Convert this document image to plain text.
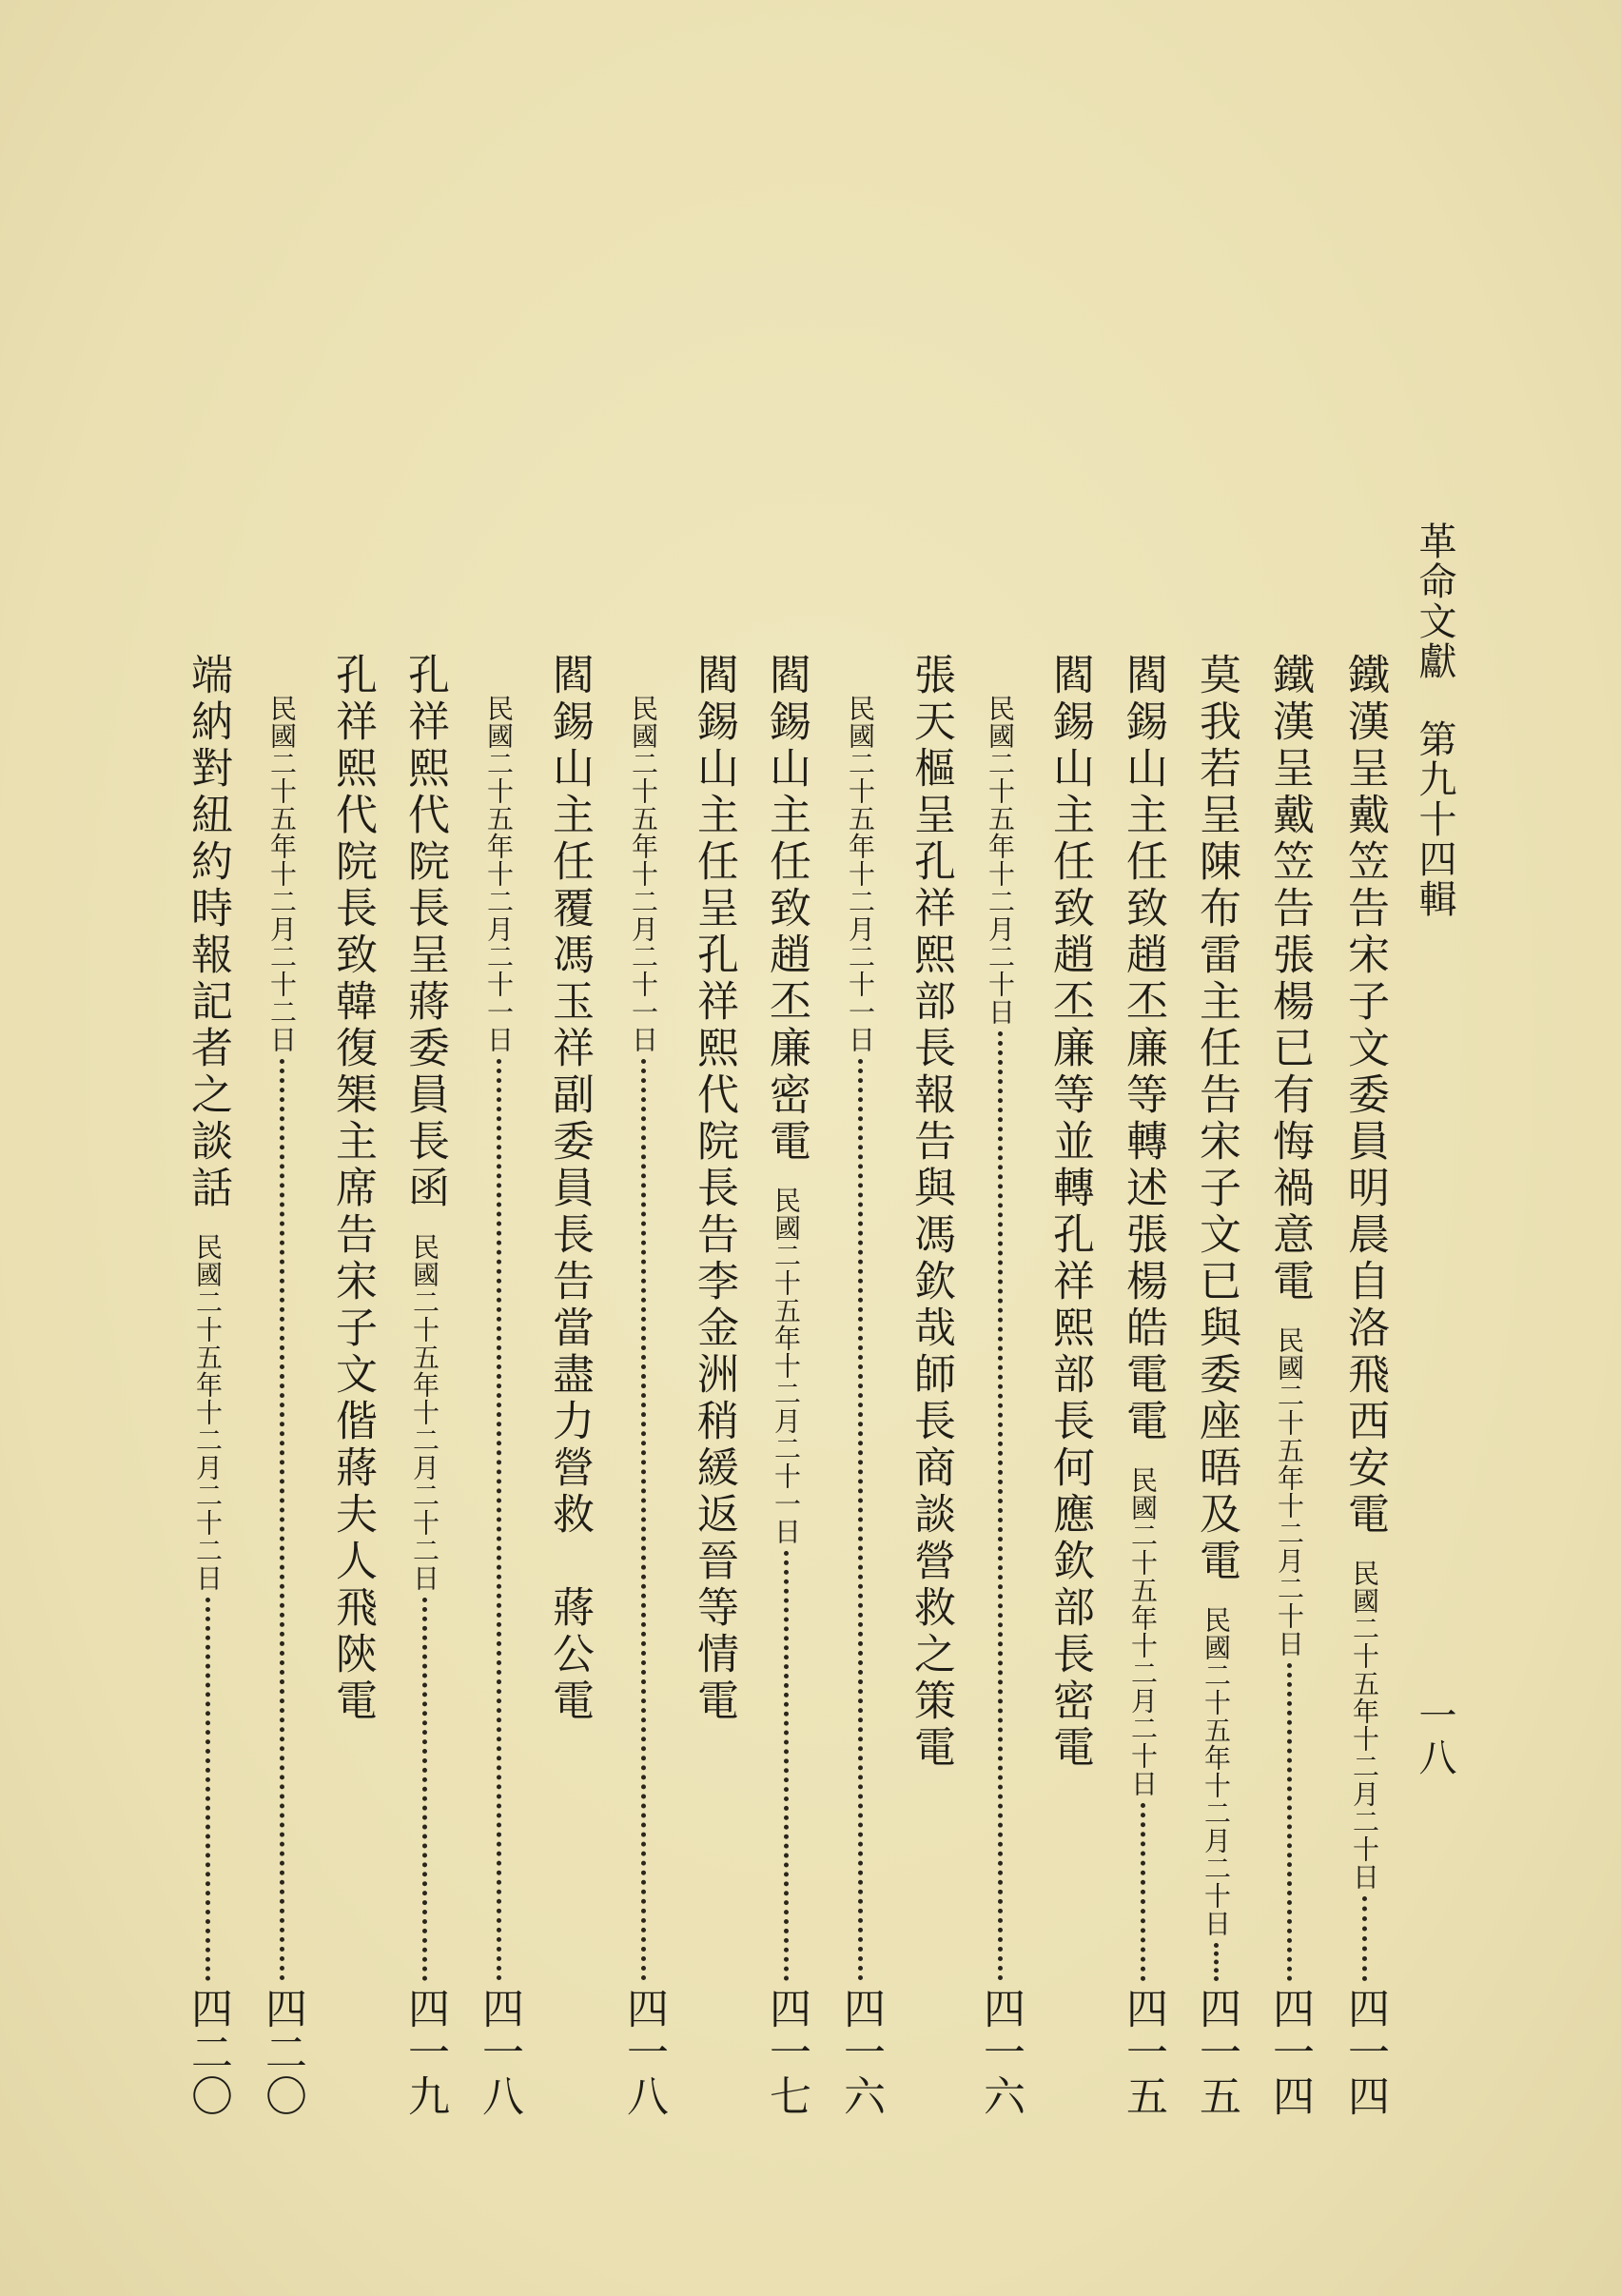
革命文獻第九十四輯
一八
鐵漢呈戴笠告宋子文委員明晨自洛飛西安電
民國二十五年十二月二十日
四一四
鐵漢呈戴笠告張楊已有悔禍意電
民國二十五年十二月二十日
四一四
莫我若呈陳布雷主任告宋子文已與委座晤及電
民國二十五年十二月二十日
四一五
閻錫山主任致趙丕廉等轉述張楊皓電電
民國二十五年十二月二十日
四一五
閻錫山主任致趙丕廉等並轉孔祥熙部長何應欽部長密電
民國二十五年十二月二十日
四一六
張天樞呈孔祥熙部長報告與馮欽哉師長商談營救之策電
民國二十五年十二月二十一日
四一六
閻錫山主任致趙丕廉密電
民國二十五年十二月二十一日
四一七
閻錫山主任呈孔祥熙代院長告李金洲稍緩返晉等情電
民國二十五年十二月二十一日
四一八
閻錫山主任覆馮玉祥副委員長告當盡力營救　蔣公電
民國二十五年十二月二十一日
四一八
孔祥熙代院長呈蔣委員長函
民國二十五年十二月二十二日
四一九
孔祥熙代院長致韓復榘主席告宋子文偕蔣夫人飛陝電
民國二十五年十二月二十二日
四二〇
端納對紐約時報記者之談話
民國二十五年十二月二十二日
四二〇
